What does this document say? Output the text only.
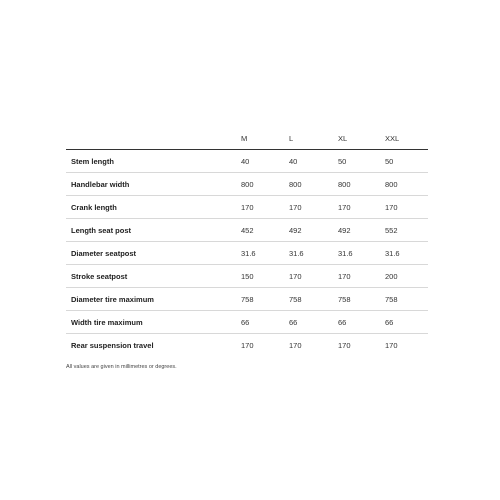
	M	L	XL	XXL
Stem length	40	40	50	50
Handlebar width	800	800	800	800
Crank length	170	170	170	170
Length seat post	452	492	492	552
Diameter seatpost	31.6	31.6	31.6	31.6
Stroke seatpost	150	170	170	200
Diameter tire maximum	758	758	758	758
Width tire maximum	66	66	66	66
Rear suspension travel	170	170	170	170
All values are given in millimetres or degrees.
